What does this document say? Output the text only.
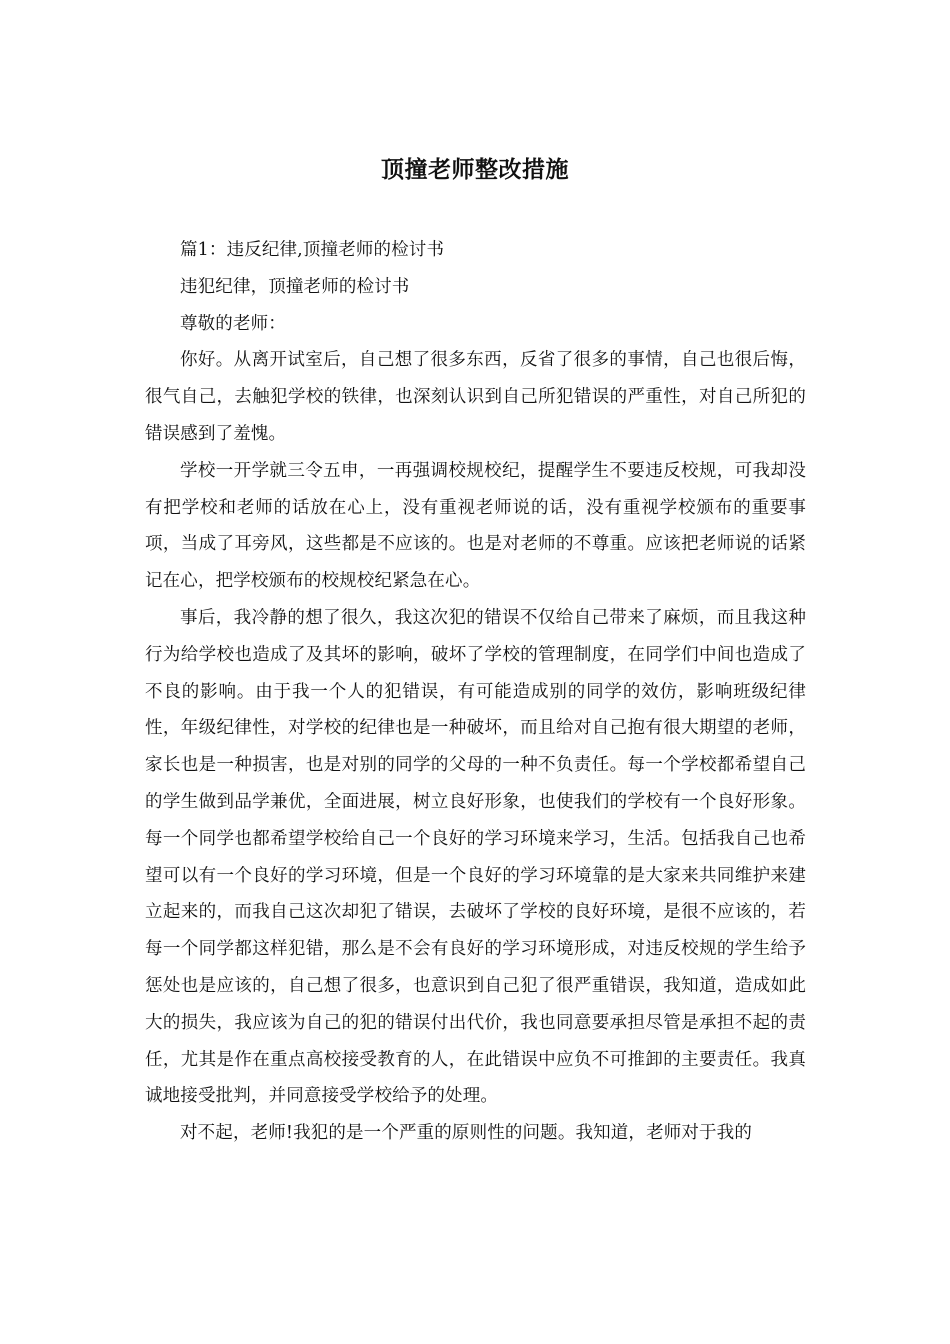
顶撞老师整改措施

篇1：违反纪律,顶撞老师的检讨书

违犯纪律，顶撞老师的检讨书

尊敬的老师：

你好。从离开试室后，自己想了很多东西，反省了很多的事情，自己也很后悔，很气自己，去触犯学校的铁律，也深刻认识到自己所犯错误的严重性，对自己所犯的错误感到了羞愧。

学校一开学就三令五申，一再强调校规校纪，提醒学生不要违反校规，可我却没有把学校和老师的话放在心上，没有重视老师说的话，没有重视学校颁布的重要事项，当成了耳旁风，这些都是不应该的。也是对老师的不尊重。应该把老师说的话紧记在心，把学校颁布的校规校纪紧急在心。

事后，我冷静的想了很久，我这次犯的错误不仅给自己带来了麻烦，而且我这种行为给学校也造成了及其坏的影响，破坏了学校的管理制度，在同学们中间也造成了不良的影响。由于我一个人的犯错误，有可能造成别的同学的效仿，影响班级纪律性，年级纪律性，对学校的纪律也是一种破坏，而且给对自己抱有很大期望的老师，家长也是一种损害，也是对别的同学的父母的一种不负责任。每一个学校都希望自己的学生做到品学兼优，全面进展，树立良好形象，也使我们的学校有一个良好形象。每一个同学也都希望学校给自己一个良好的学习环境来学习，生活。包括我自己也希望可以有一个良好的学习环境，但是一个良好的学习环境靠的是大家来共同维护来建立起来的，而我自己这次却犯了错误，去破坏了学校的良好环境，是很不应该的，若每一个同学都这样犯错，那么是不会有良好的学习环境形成，对违反校规的学生给予惩处也是应该的，自己想了很多，也意识到自己犯了很严重错误，我知道，造成如此大的损失，我应该为自己的犯的错误付出代价，我也同意要承担尽管是承担不起的责任，尤其是作在重点高校接受教育的人，在此错误中应负不可推卸的主要责任。我真诚地接受批判，并同意接受学校给予的处理。

对不起，老师!我犯的是一个严重的原则性的问题。我知道，老师对于我的
